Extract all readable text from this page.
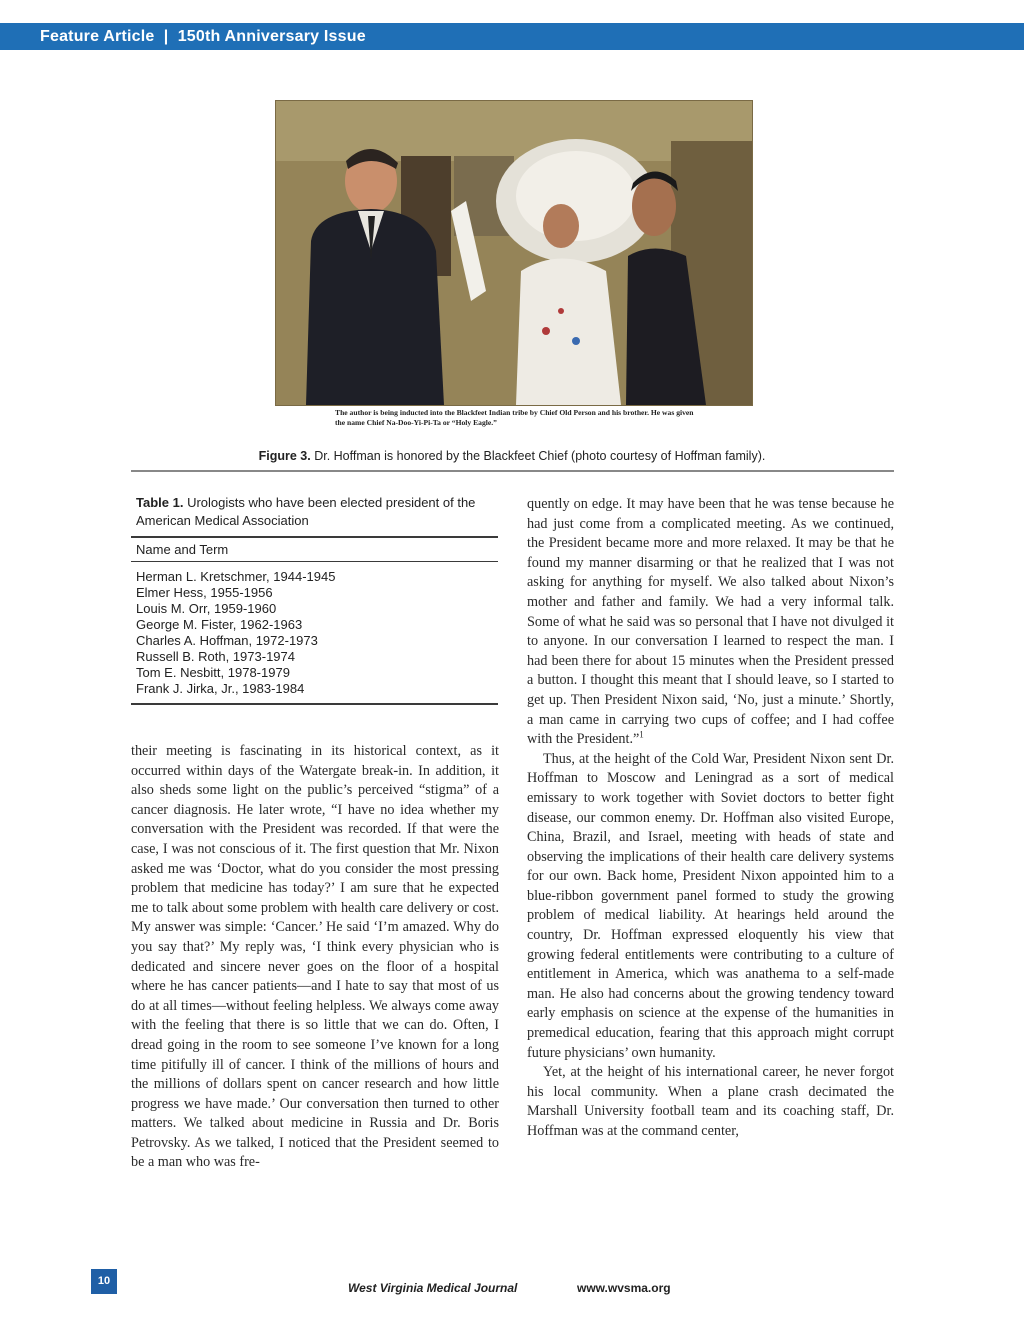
Feature Article  |  150th Anniversary Issue
The author is being inducted into the Blackfeet Indian tribe by Chief Old Person and his brother. He was given the name Chief Na-Doo-Yi-Pi-Ta or “Holy Eagle.”
Figure 3. Dr. Hoffman is honored by the Blackfeet Chief (photo courtesy of Hoffman family).
Table 1. Urologists who have been elected president of the American Medical Association
Name and Term
Herman L. Kretschmer, 1944-1945
Elmer Hess, 1955-1956
Louis M. Orr, 1959-1960
George M. Fister, 1962-1963
Charles A. Hoffman, 1972-1973
Russell B. Roth, 1973-1974
Tom E. Nesbitt, 1978-1979
Frank J. Jirka, Jr., 1983-1984

their meeting is fascinating in its historical context, as it occurred within days of the Watergate break-in. In addition, it also sheds some light on the public’s perceived “stigma” of a cancer diagnosis. He later wrote, “I have no idea whether my conversation with the President was recorded. If that were the case, I was not conscious of it. The first question that Mr. Nixon asked me was ‘Doctor, what do you consider the most pressing problem that medicine has today?’ I am sure that he expected me to talk about some problem with health care delivery or cost. My answer was simple: ‘Cancer.’ He said ‘I’m amazed. Why do you say that?’ My reply was, ‘I think every physician who is dedicated and sincere never goes on the floor of a hospital where he has cancer patients—and I hate to say that most of us do at all times—without feeling helpless. We always come away with the feeling that there is so little that we can do. Often, I dread going in the room to see someone I’ve known for a long time pitifully ill of cancer. I think of the millions of hours and the millions of dollars spent on cancer research and how little progress we have made.’ Our conversation then turned to other matters. We talked about medicine in Russia and Dr. Boris Petrovsky. As we talked, I noticed that the President seemed to be a man who was fre-

quently on edge. It may have been that he was tense because he had just come from a complicated meeting. As we continued, the President became more and more relaxed. It may be that he found my manner disarming or that he realized that I was not asking for anything for myself. We also talked about Nixon’s mother and father and family. We had a very informal talk. Some of what he said was so personal that I have not divulged it to anyone. In our conversation I learned to respect the man. I had been there for about 15 minutes when the President pressed a button. I thought this meant that I should leave, so I started to get up. Then President Nixon said, ‘No, just a minute.’ Shortly, a man came in carrying two cups of coffee; and I had coffee with the President.”$^1$

Thus, at the height of the Cold War, President Nixon sent Dr. Hoffman to Moscow and Leningrad as a sort of medical emissary to work together with Soviet doctors to better fight disease, our common enemy. Dr. Hoffman also visited Europe, China, Brazil, and Israel, meeting with heads of state and observing the implications of their health care delivery systems for our own. Back home, President Nixon appointed him to a blue-ribbon government panel formed to study the growing problem of medical liability. At hearings held around the country, Dr. Hoffman expressed eloquently his view that growing federal entitlements were contributing to a culture of entitlement in America, which was anathema to a self-made man. He also had concerns about the growing tendency toward early emphasis on science at the expense of the humanities in premedical education, fearing that this approach might corrupt future physicians’ own humanity.

Yet, at the height of his international career, he never forgot his local community. When a plane crash decimated the Marshall University football team and its coaching staff, Dr. Hoffman was at the command center,

10	West Virginia Medical Journal	www.wvsma.org
